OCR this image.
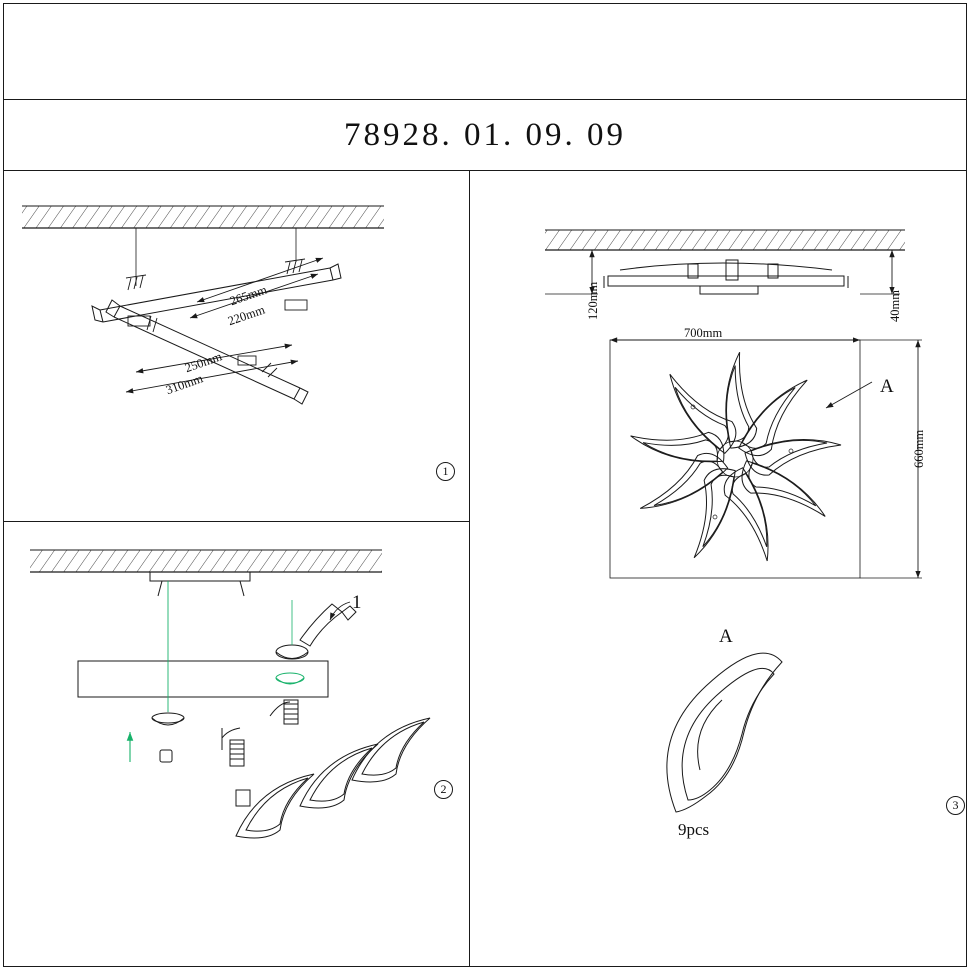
78928. 01. 09. 09
265mm
220mm
250mm
310mm
120mm	40mm
700mm
660mm
A
1
A
9pcs
1
2
3
